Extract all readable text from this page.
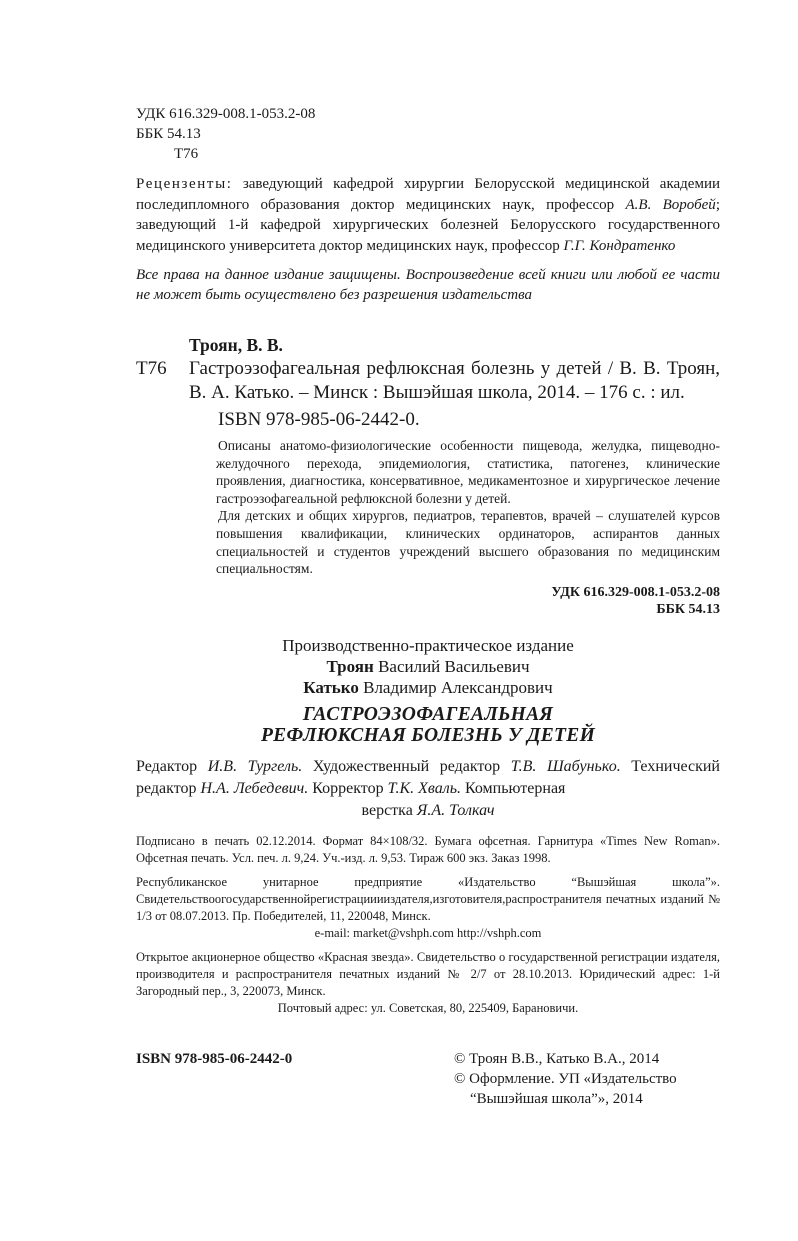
УДК 616.329-008.1-053.2-08
ББК 54.13
Т76
Рецензенты: заведующий кафедрой хирургии Белорусской медицинской академии последипломного образования доктор медицинских наук, профессор А.В. Воробей; заведующий 1-й кафедрой хирургических болезней Белорусского государственного медицинского университета доктор медицинских наук, профессор Г.Г. Кондратенко
Все права на данное издание защищены. Воспроизведение всей книги или любой ее части не может быть осуществлено без разрешения издательства
Троян, В. В.
Т76	Гастроэзофагеальная рефлюксная болезнь у детей / В. В. Троян, В. А. Катько. – Минск : Вышэйшая школа, 2014. – 176 с. : ил.
ISBN 978-985-06-2442-0.

Описаны анатомо-физиологические особенности пищевода, желудка, пищеводно-желудочного перехода, эпидемиология, статистика, патогенез, клинические проявления, диагностика, консервативное, медикаментозное и хирургическое лечение гастроэзофагеальной рефлюксной болезни у детей.

Для детских и общих хирургов, педиатров, терапевтов, врачей – слушателей курсов повышения квалификации, клинических ординаторов, аспирантов данных специальностей и студентов учреждений высшего образования по медицинским специальностям.

УДК 616.329-008.1-053.2-08
ББК 54.13
Производственно-практическое издание
Троян Василий Васильевич
Катько Владимир Александрович
ГАСТРОЭЗОФАГЕАЛЬНАЯ
РЕФЛЮКСНАЯ БОЛЕЗНЬ У ДЕТЕЙ
Редактор И.В. Тургель. Художественный редактор Т.В. Шабунько. Технический редактор Н.А. Лебедевич. Корректор Т.К. Хваль. Компьютерная
верстка Я.А. Толкач

Подписано в печать 02.12.2014. Формат 84×108/32. Бумага офсетная. Гарнитура «Times New Roman». Офсетная печать. Усл. печ. л. 9,24. Уч.-изд. л. 9,53. Тираж 600 экз. Заказ 1998.

Республиканское унитарное предприятие «Издательство “Вышэйшая школа”». Свидетельствоогосударственнойрегистрацииииздателя,изготовителя,распространителя печатных изданий № 1/3 от 08.07.2013. Пр. Победителей, 11, 220048, Минск.

e-mail: market@vshph.com http://vshph.com

Открытое акционерное общество «Красная звезда». Свидетельство о государственной регистрации издателя, производителя и распространителя печатных изданий № 2/7 от 28.10.2013. Юридический адрес: 1-й Загородный пер., 3, 220073, Минск.

Почтовый адрес: ул. Советская, 80, 225409, Барановичи.

ISBN 978-985-06-2442-0	© Троян В.В., Катько В.А., 2014
© Оформление. УП «Издательство
“Вышэйшая школа”», 2014
